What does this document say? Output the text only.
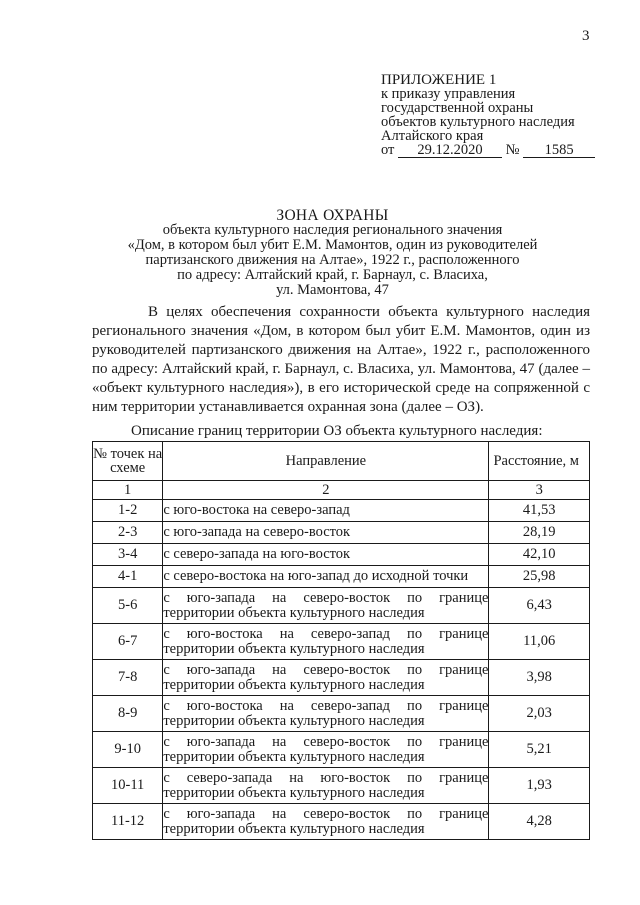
3
ПРИЛОЖЕНИЕ 1
к приказу управления
государственной охраны
объектов культурного наследия
Алтайского края
от 29.12.2020 № 1585
ЗОНА ОХРАНЫ
объекта культурного наследия регионального значения
«Дом, в котором был убит Е.М. Мамонтов, один из руководителей
партизанского движения на Алтае», 1922 г., расположенного
по адресу: Алтайский край, г. Барнаул, с. Власиха,
ул. Мамонтова, 47

В целях обеспечения сохранности объекта культурного наследия регионального значения «Дом, в котором был убит Е.М. Мамонтов, один из руководителей партизанского движения на Алтае», 1922 г., расположенного по адресу: Алтайский край, г. Барнаул, с. Власиха, ул. Мамонтова, 47 (далее – «объект культурного наследия»), в его исторической среде на сопряженной с ним территории устанавливается охранная зона (далее – ОЗ).

Описание границ территории ОЗ объекта культурного наследия:
№ точек на схеме	Направление	Расстояние, м
1	2	3
1-2	с юго-востока на северо-запад	41,53
2-3	с юго-запада на северо-восток	28,19
3-4	с северо-запада на юго-восток	42,10
4-1	с северо-востока на юго-запад до исходной точки	25,98
5-6	с юго-запада на северо-восток по границе территории объекта культурного наследия	6,43
6-7	с юго-востока на северо-запад по границе территории объекта культурного наследия	11,06
7-8	с юго-запада на северо-восток по границе территории объекта культурного наследия	3,98
8-9	с юго-востока на северо-запад по границе территории объекта культурного наследия	2,03
9-10	с юго-запада на северо-восток по границе территории объекта культурного наследия	5,21
10-11	с северо-запада на юго-восток по границе территории объекта культурного наследия	1,93
11-12	с юго-запада на северо-восток по границе территории объекта культурного наследия	4,28
